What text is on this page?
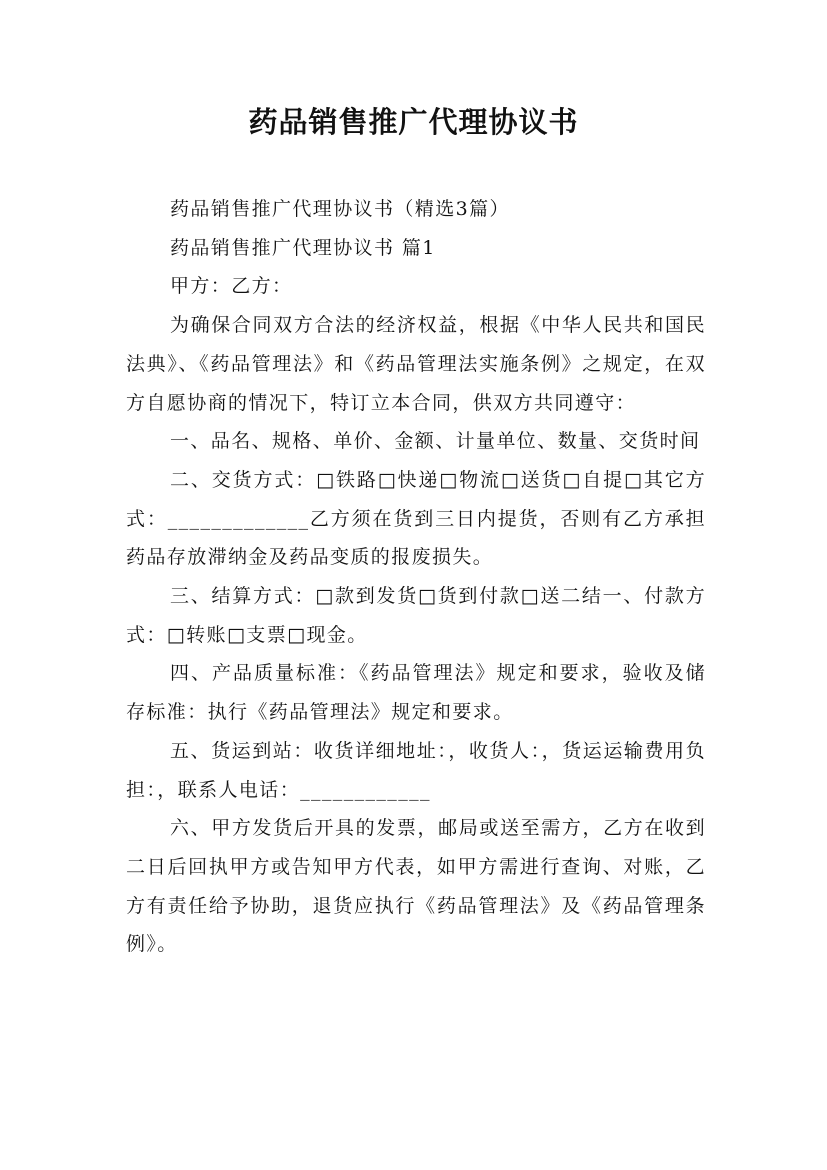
药品销售推广代理协议书

药品销售推广代理协议书（精选3篇）

药品销售推广代理协议书 篇1

甲方：乙方：

为确保合同双方合法的经济权益，根据《中华人民共和国民法典》、《药品管理法》和《药品管理法实施条例》之规定，在双方自愿协商的情况下，特订立本合同，供双方共同遵守：

一、品名、规格、单价、金额、计量单位、数量、交货时间

二、交货方式：□铁路□快递□物流□送货□自提□其它方式：_____________乙方须在货到三日内提货，否则有乙方承担药品存放滞纳金及药品变质的报废损失。

三、结算方式：□款到发货□货到付款□送二结一、付款方式：□转账□支票□现金。

四、产品质量标准：《药品管理法》规定和要求，验收及储存标准：执行《药品管理法》规定和要求。

五、货运到站：收货详细地址：，收货人：，货运运输费用负担：，联系人电话：____________

六、甲方发货后开具的发票，邮局或送至需方，乙方在收到二日后回执甲方或告知甲方代表，如甲方需进行查询、对账，乙方有责任给予协助，退货应执行《药品管理法》及《药品管理条例》。
